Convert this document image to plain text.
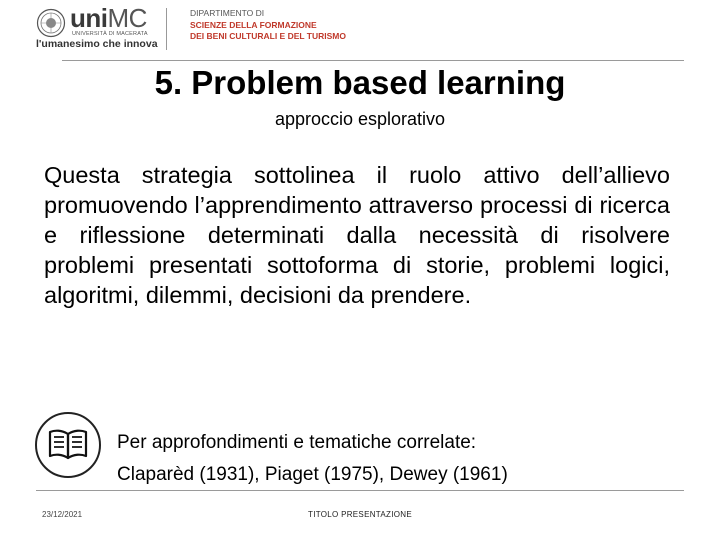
uniMC
UNIVERSITÀ DI MACERATA
l'umanesimo che innova
DIPARTIMENTO DI
SCIENZE DELLA FORMAZIONE
DEI BENI CULTURALI E DEL TURISMO
5. Problem based learning
approccio esplorativo
Questa strategia sottolinea il ruolo attivo dell’allievo promuovendo l’apprendimento attraverso processi di ricerca e riflessione determinati dalla necessità di risolvere problemi presentati sottoforma di storie, problemi logici, algoritmi, dilemmi, decisioni da prendere.
Per approfondimenti e tematiche correlate:
Claparèd (1931), Piaget (1975), Dewey (1961)
23/12/2021	TITOLO PRESENTAZIONE
